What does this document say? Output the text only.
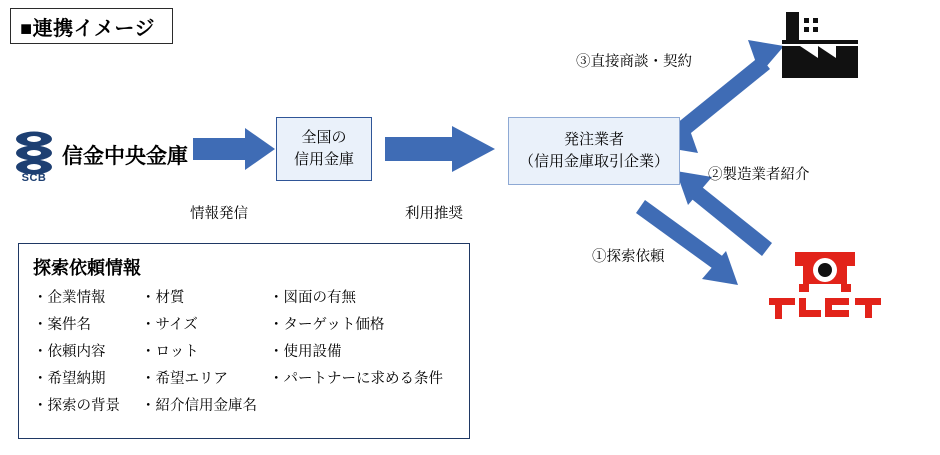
■連携イメージ
SCB
信金中央金庫
全国の
信用金庫
発注業者
（信用金庫取引企業）
情報発信	利用推奨
③直接商談・契約
②製造業者紹介
①探索依頼
探索依頼情報
・企業情報	・材質	・図面の有無
・案件名	・サイズ	・ターゲット価格
・依頼内容	・ロット	・使用設備
・希望納期	・希望エリア	・パートナーに求める条件
・探索の背景	・紹介信用金庫名
